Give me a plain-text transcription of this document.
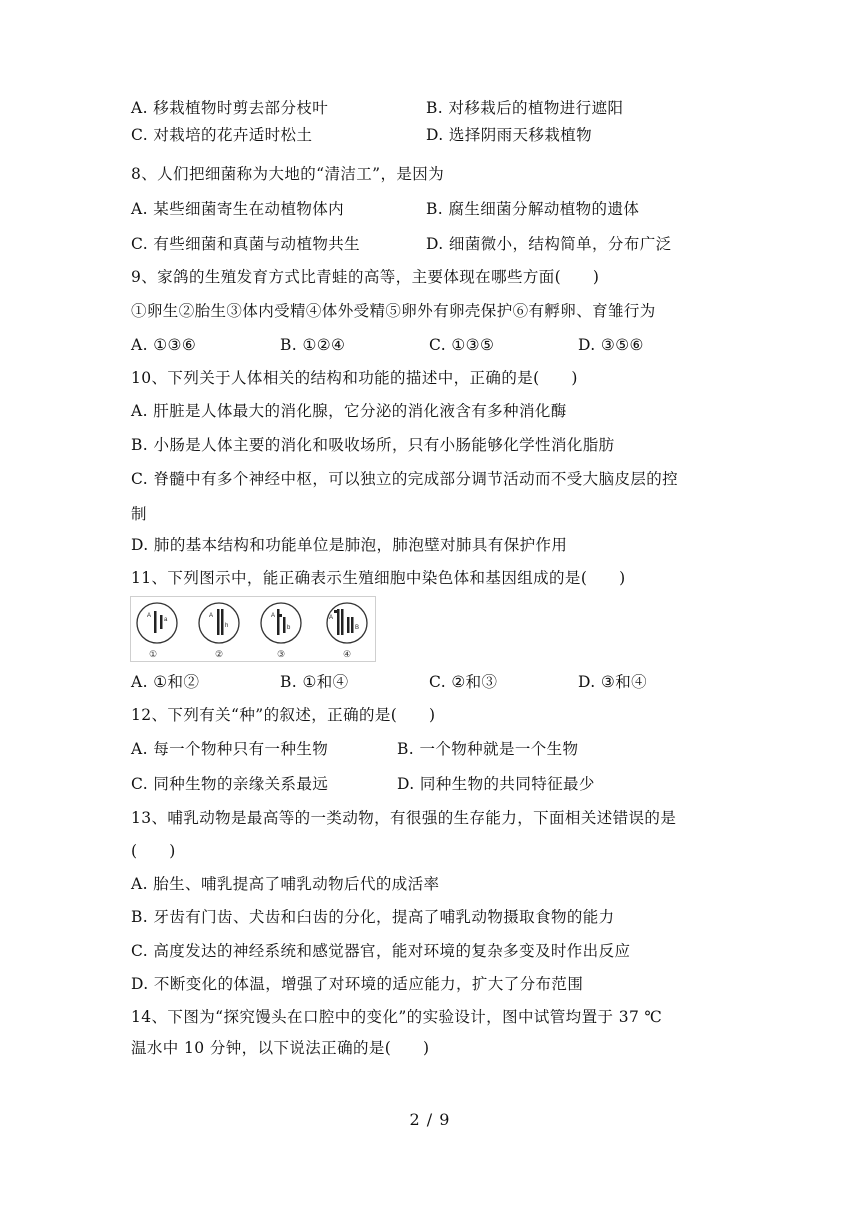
A. 移栽植物时剪去部分枝叶	B. 对移栽后的植物进行遮阳
C. 对栽培的花卉适时松土	D. 选择阴雨天移栽植物
8、人们把细菌称为大地的“清洁工”，是因为
A. 某些细菌寄生在动植物体内	B. 腐生细菌分解动植物的遗体
C. 有些细菌和真菌与动植物共生	D. 细菌微小，结构简单，分布广泛
9、家鸽的生殖发育方式比青蛙的高等，主要体现在哪些方面(　　)
①卵生②胎生③体内受精④体外受精⑤卵外有卵壳保护⑥有孵卵、育雏行为
A. ①③⑥	B. ①②④	C. ①③⑤	D. ③⑤⑥
10、下列关于人体相关的结构和功能的描述中，正确的是(　　)
A. 肝脏是人体最大的消化腺，它分泌的消化液含有多种消化酶
B. 小肠是人体主要的消化和吸收场所，只有小肠能够化学性消化脂肪
C. 脊髓中有多个神经中枢，可以独立的完成部分调节活动而不受大脑皮层的控
制
D. 肺的基本结构和功能单位是肺泡，肺泡壁对肺具有保护作用
11、下列图示中，能正确表示生殖细胞中染色体和基因组成的是(　　)
A
a
A
h
A
b
A
B
①	②	③	④
A. ①和②	B. ①和④	C. ②和③	D. ③和④
12、下列有关“种”的叙述，正确的是(　　)
A. 每一个物种只有一种生物	B. 一个物种就是一个生物
C. 同种生物的亲缘关系最远	D. 同种生物的共同特征最少
13、哺乳动物是最高等的一类动物，有很强的生存能力，下面相关述错误的是
(　　)
A. 胎生、哺乳提高了哺乳动物后代的成活率
B. 牙齿有门齿、犬齿和臼齿的分化，提高了哺乳动物摄取食物的能力
C. 高度发达的神经系统和感觉器官，能对环境的复杂多变及时作出反应
D. 不断变化的体温，增强了对环境的适应能力，扩大了分布范围
14、下图为“探究馒头在口腔中的变化”的实验设计，图中试管均置于 37 ℃
温水中 10 分钟，以下说法正确的是(　　)
2 / 9
